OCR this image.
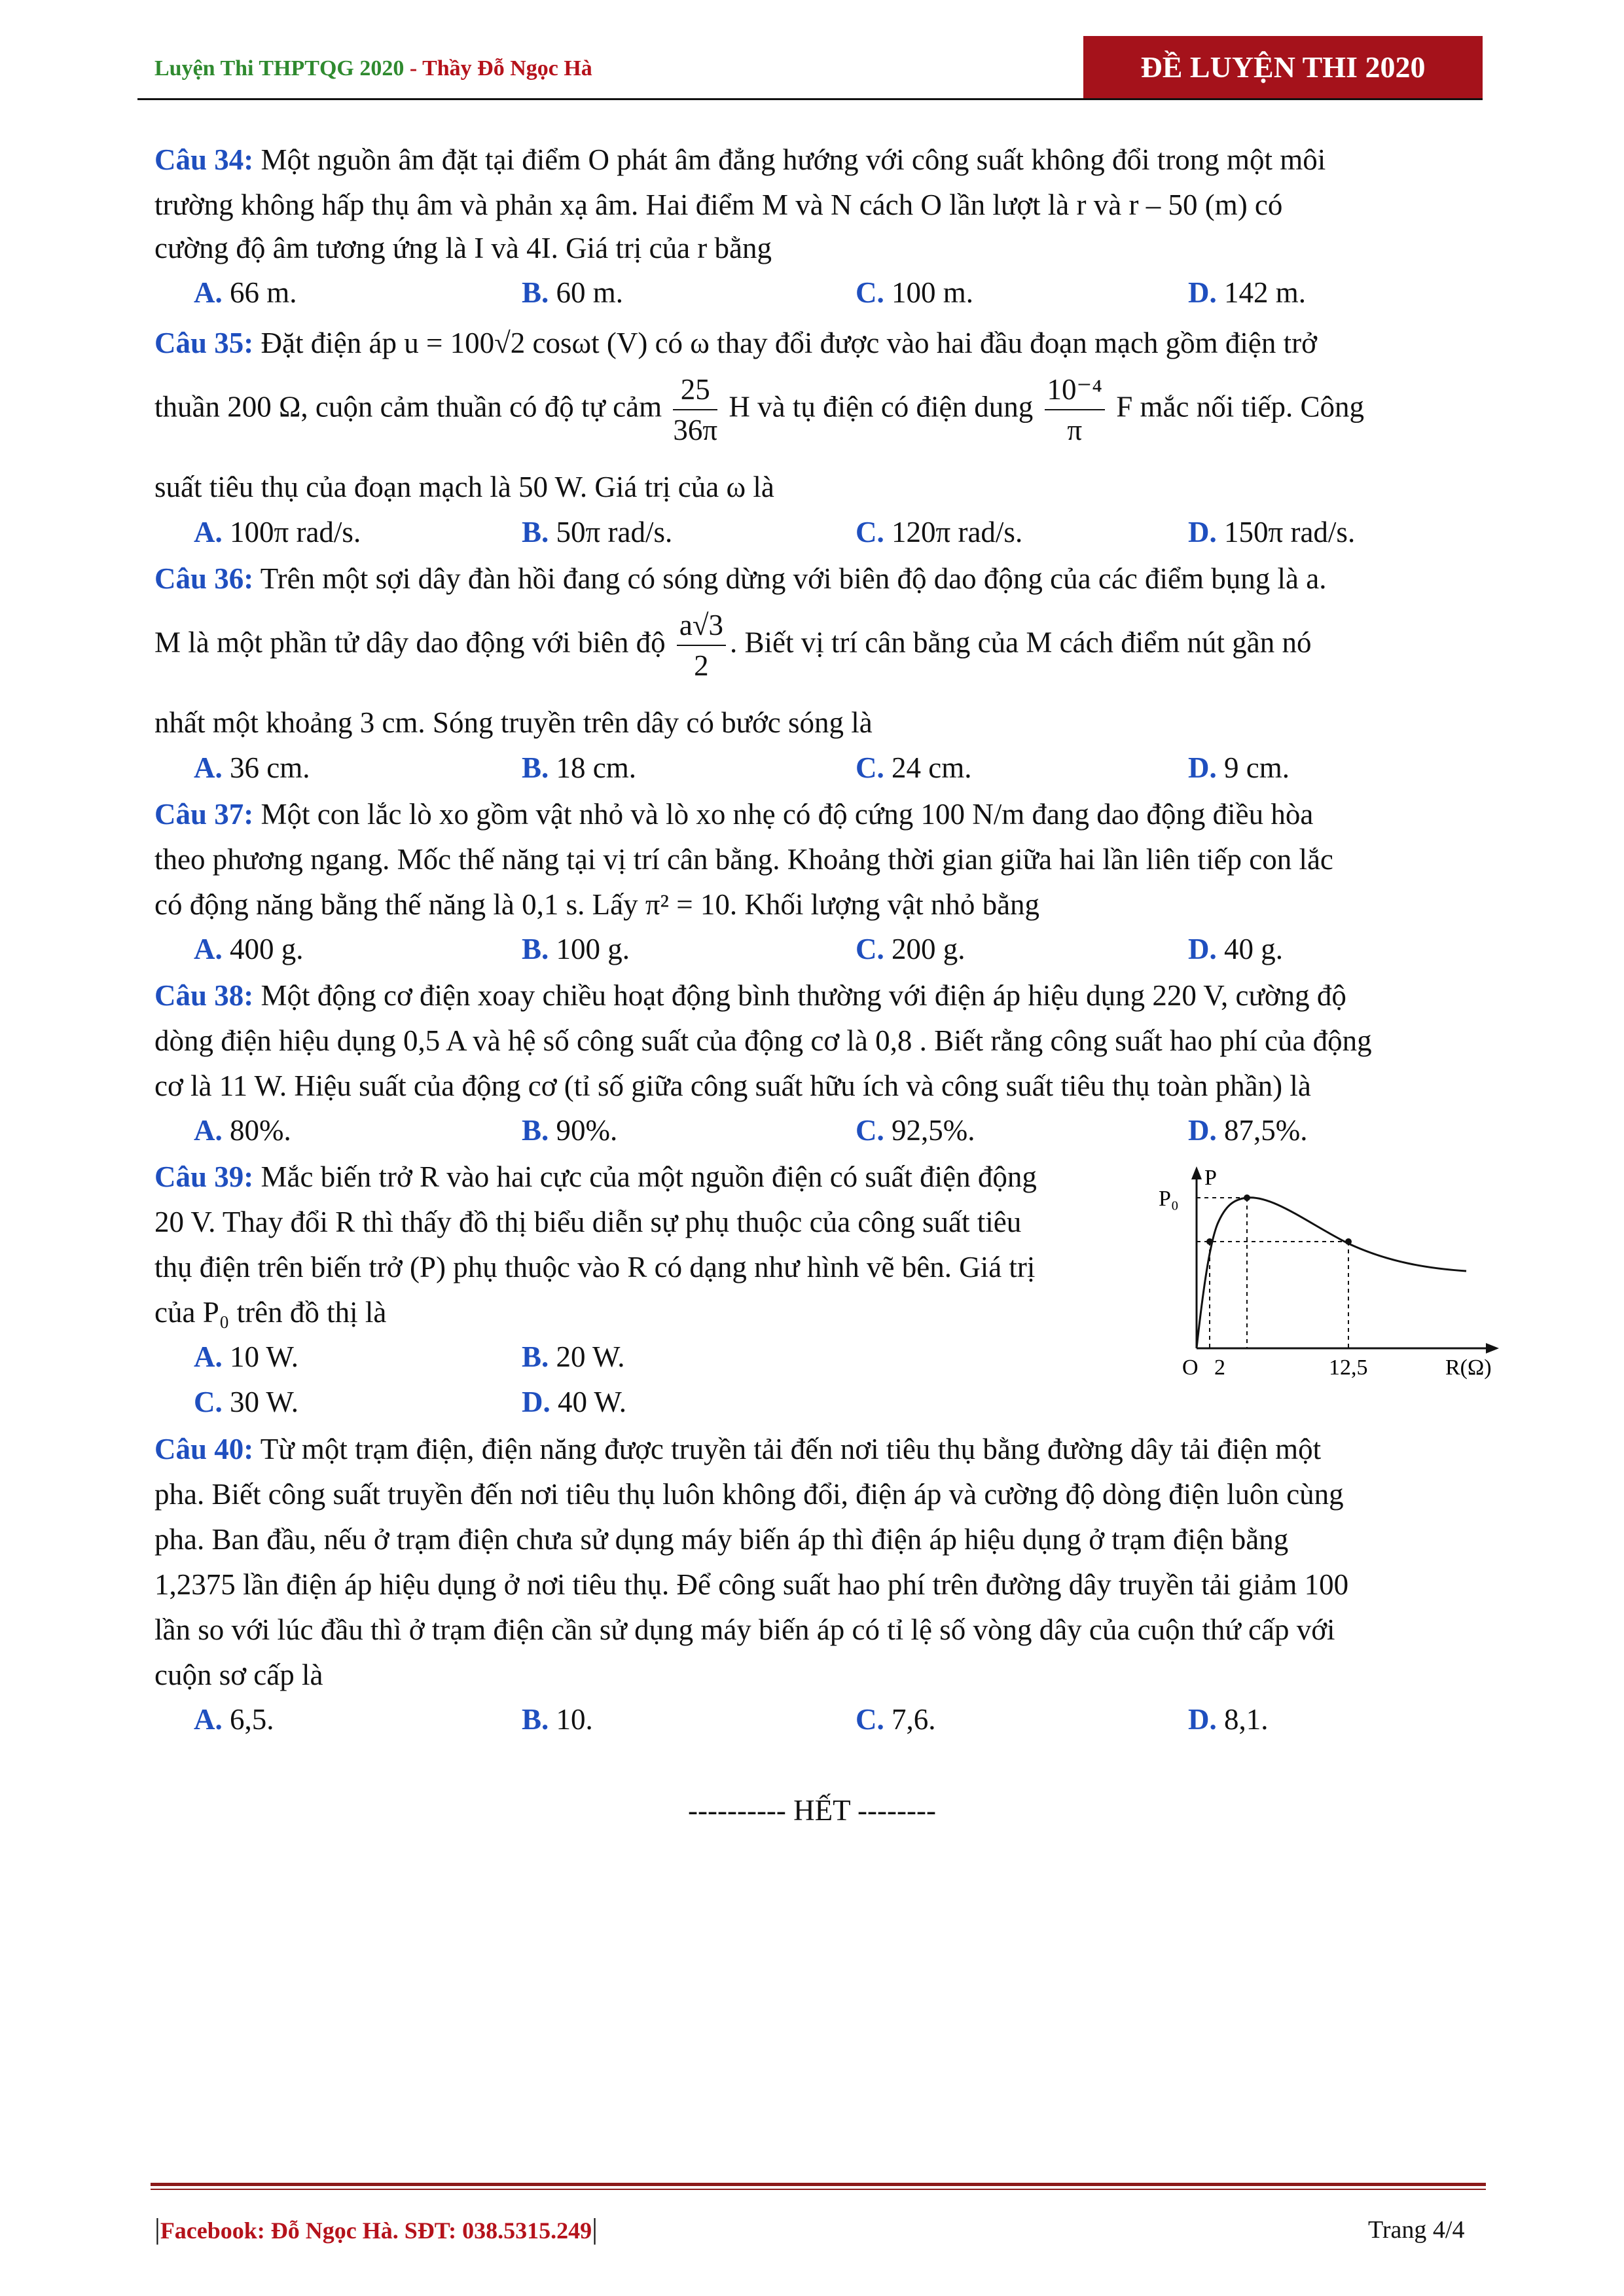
Luyện Thi THPTQG 2020 - Thầy Đỗ Ngọc Hà	ĐỀ LUYỆN THI 2020
Câu 34: Một nguồn âm đặt tại điểm O phát âm đẳng hướng với công suất không đổi trong một môi
trường không hấp thụ âm và phản xạ âm. Hai điểm M và N cách O lần lượt là r và r – 50 (m) có
cường độ âm tương ứng là I và 4I. Giá trị của r bằng
A. 66 m.	B. 60 m.	C. 100 m.	D. 142 m.
Câu 35: Đặt điện áp u = 100√2 cosωt (V) có ω thay đổi được vào hai đầu đoạn mạch gồm điện trở
thuần 200 Ω, cuộn cảm thuần có độ tự cảm $\frac{25}{36\pi}$ H và tụ điện có điện dung $\frac{\text{10⁻⁴}}{\pi}$ F mắc nối tiếp. Công
suất tiêu thụ của đoạn mạch là 50 W. Giá trị của ω là
A. 100π rad/s.	B. 50π rad/s.	C. 120π rad/s.	D. 150π rad/s.
Câu 36: Trên một sợi dây đàn hồi đang có sóng dừng với biên độ dao động của các điểm bụng là a.
M là một phần tử dây dao động với biên độ $\frac{a√3}{2}$ . Biết vị trí cân bằng của M cách điểm nút gần nó
nhất một khoảng 3 cm. Sóng truyền trên dây có bước sóng là
A. 36 cm.	B. 18 cm.	C. 24 cm.	D. 9 cm.
Câu 37: Một con lắc lò xo gồm vật nhỏ và lò xo nhẹ có độ cứng 100 N/m đang dao động điều hòa
theo phương ngang. Mốc thế năng tại vị trí cân bằng. Khoảng thời gian giữa hai lần liên tiếp con lắc
có động năng bằng thế năng là 0,1 s. Lấy π² = 10. Khối lượng vật nhỏ bằng
A. 400 g.	B. 100 g.	C. 200 g.	D. 40 g.
Câu 38: Một động cơ điện xoay chiều hoạt động bình thường với điện áp hiệu dụng 220 V, cường độ
dòng điện hiệu dụng 0,5 A và hệ số công suất của động cơ là 0,8 . Biết rằng công suất hao phí của động
cơ là 11 W. Hiệu suất của động cơ (tỉ số giữa công suất hữu ích và công suất tiêu thụ toàn phần) là
A. 80%.	B. 90%.	C. 92,5%.	D. 87,5%.
Câu 39: Mắc biến trở R vào hai cực của một nguồn điện có suất điện động
20 V. Thay đổi R thì thấy đồ thị biểu diễn sự phụ thuộc của công suất tiêu
thụ điện trên biến trở (P) phụ thuộc vào R có dạng như hình vẽ bên. Giá trị
của P₀ trên đồ thị là
A. 10 W.	B. 20 W.
C. 30 W.	D. 40 W.
P
P₀
O 2	12,5	R(Ω)
Câu 40: Từ một trạm điện, điện năng được truyền tải đến nơi tiêu thụ bằng đường dây tải điện một
pha. Biết công suất truyền đến nơi tiêu thụ luôn không đổi, điện áp và cường độ dòng điện luôn cùng
pha. Ban đầu, nếu ở trạm điện chưa sử dụng máy biến áp thì điện áp hiệu dụng ở trạm điện bằng
1,2375 lần điện áp hiệu dụng ở nơi tiêu thụ. Để công suất hao phí trên đường dây truyền tải giảm 100
lần so với lúc đầu thì ở trạm điện cần sử dụng máy biến áp có tỉ lệ số vòng dây của cuộn thứ cấp với
cuộn sơ cấp là
A. 6,5.	B. 10.	C. 7,6.	D. 8,1.
---------- HẾT --------
|Facebook: Đỗ Ngọc Hà. SĐT: 038.5315.249|	Trang 4/4
